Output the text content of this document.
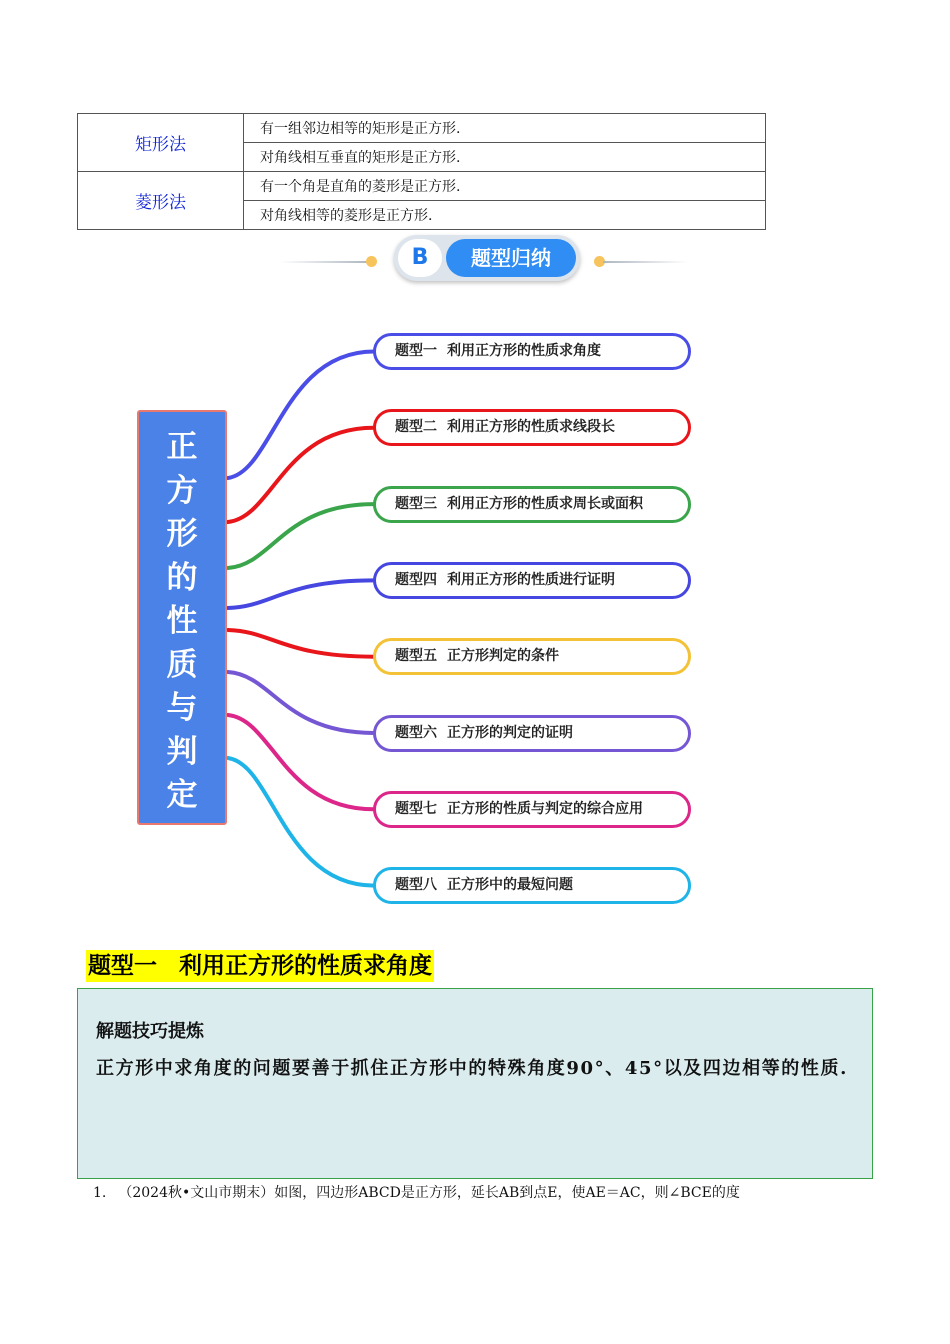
矩形法	有一组邻边相等的矩形是正方形.
	对角线相互垂直的矩形是正方形.
菱形法	有一个角是直角的菱形是正方形.
	对角线相等的菱形是正方形.
B	题型归纳
正
方
形
的
性
质
与
判
定
题型一 利用正方形的性质求角度
题型二 利用正方形的性质求线段长
题型三 利用正方形的性质求周长或面积
题型四 利用正方形的性质进行证明
题型五 正方形判定的条件
题型六 正方形的判定的证明
题型七 正方形的性质与判定的综合应用
题型八 正方形中的最短问题
题型一 利用正方形的性质求角度
解题技巧提炼
正方形中求角度的问题要善于抓住正方形中的特殊角度90°、45°以及四边相等的性质.
1. （2024秋•文山市期末）如图，四边形ABCD是正方形，延长AB到点E，使AE＝AC，则∠BCE的度
